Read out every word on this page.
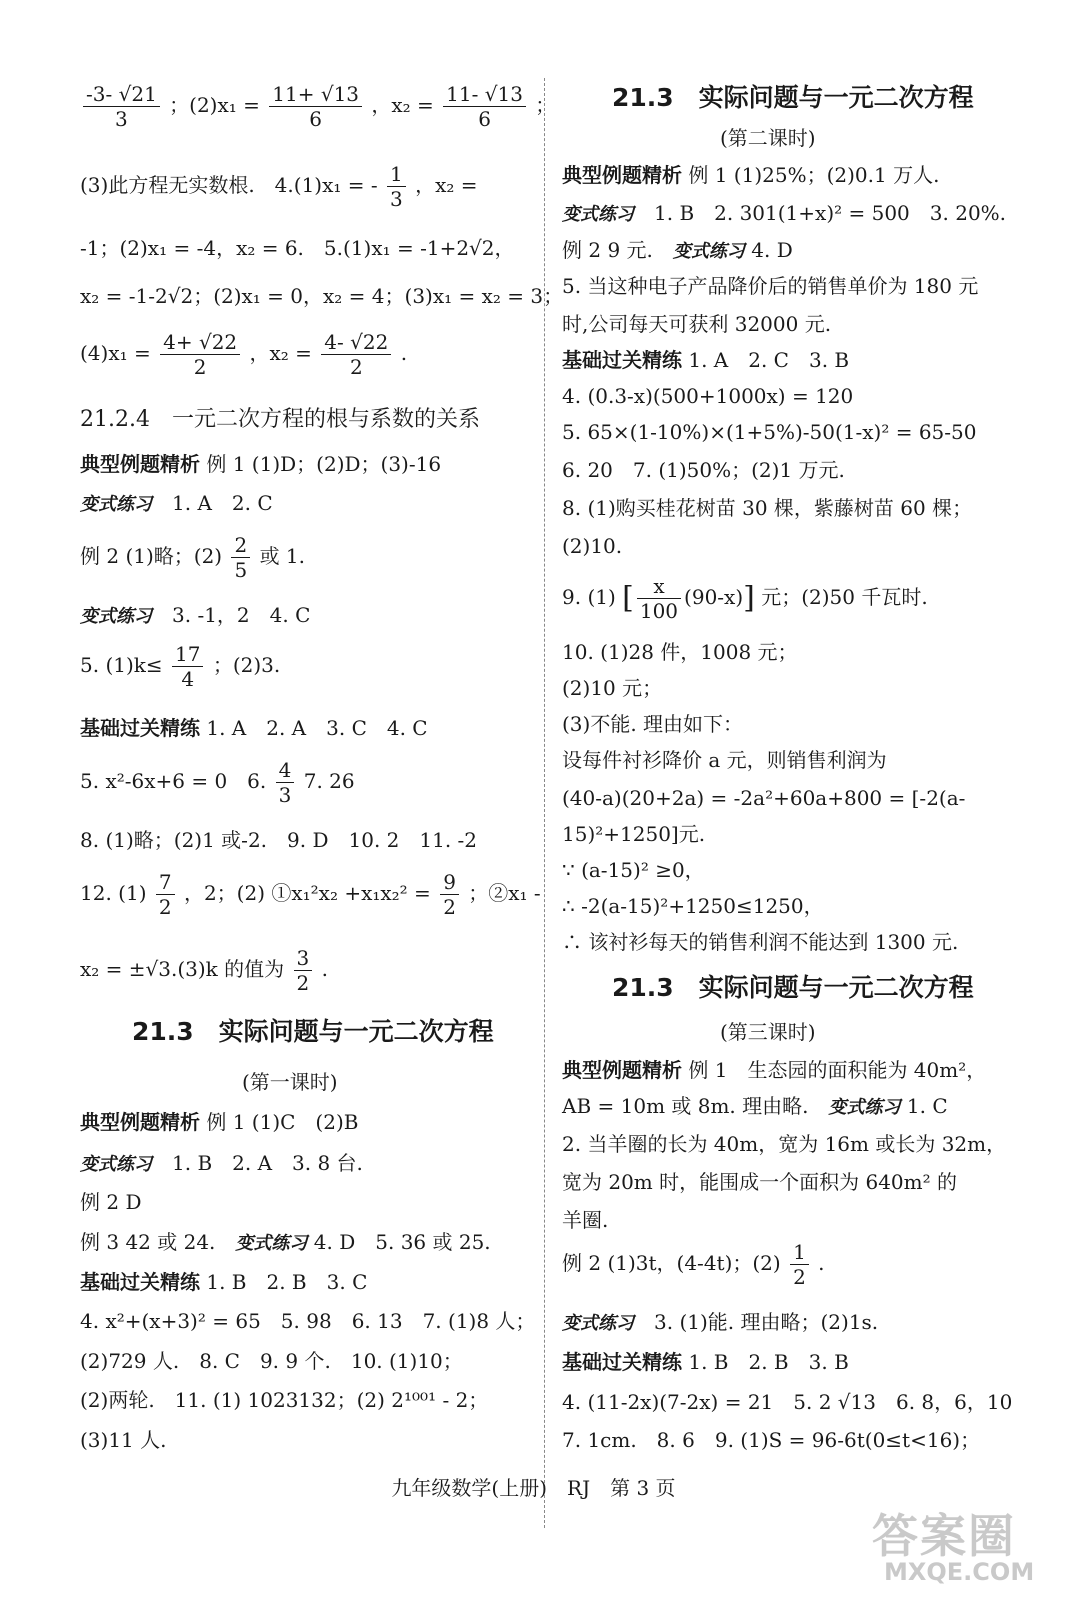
$\frac{-3- √21}{3}$ ；$(2)x_1 = \frac{11+ √13}{6}$ ，$x_2 = \frac{11- √13}{6}$ ；
(3)此方程无实数根.　4.(1)x₁ = - $\frac{1}{3}$ ，x₂ =
-1；(2)x₁ = -4，x₂ = 6.　5.(1)x₁ = -1+2√2，
x₂ = -1-2√2；(2)x₁ = 0，x₂ = 4；(3)x₁ = x₂ = 3；
$(4)x_1 = \frac{4+ √22}{2}$ ，$x_2 = \frac{4- √22}{2}$ .
21.2.4　一元二次方程的根与系数的关系
典型例题精析 例 1 (1)D；(2)D；(3)-16
变式练习　 1. A　2. C
例 2 (1)略；$(2) \frac{2}{5}$ 或 1.
变式练习　 3. -1，2　4. C
5. $(1)k\le \frac{17}{4}$ ；(2)3.
基础过关精练 1. A　2. A　3. C　4. C
5. x²-6x+6 = 0　6. $\frac{4}{3} 7$. 26
8. (1)略；(2)1 或-2.　9. D　10. 2　11. -2
12. $(1) \frac{7}{2}$ ，2；(2) ①x₁²x₂ $+x_1x_2^2 = \frac{9}{2}$ ；②x₁ -
x₂ = ±√3.(3)k 的值为 $\frac{3}{2}$ .
21.3　实际问题与一元二次方程
(第一课时)
典型例题精析 例 1 (1)C　(2)B
变式练习　 1. B　2. A　3. 8 台.
例 2 D
例 3 42 或 24.　 变式练习 4. D　5. 36 或 25.
基础过关精练 1. B　2. B　3. C
4. x²+(x+3)² = 65　5. 98　6. 13　7. (1)8 人；
(2)729 人.　8. C　9. 9 个.　10. (1)10；
(2)两轮.　11. (1) 1023132；(2) 2¹⁰⁰¹ - 2；
(3)11 人.
21.3　实际问题与一元二次方程
(第二课时)
典型例题精析 例 1 (1)25%；(2)0.1 万人.
变式练习　 1. B　2. 301(1+x)² = 500　3. 20%.
例 2 9 元.　 变式练习 4. D
5. 当这种电子产品降价后的销售单价为 180 元
时,公司每天可获利 32000 元.
基础过关精练 1. A　2. C　3. B
4. (0.3-x)(500+1000x) = 120
5. 65×(1-10%)×(1+5%)-50(1-x)² = 65-50
6. 20　7. (1)50%；(2)1 万元.
8. (1)购买桂花树苗 30 棵，紫藤树苗 60 棵；
(2)10.
9. (1) [ $\frac{x}{100} (90-x)$] 元；(2)50 千瓦时.
10. (1)28 件，1008 元；
(2)10 元；
(3)不能. 理由如下：
设每件衬衫降价 a 元，则销售利润为
(40-a)(20+2a) = -2a²+60a+800 = [-2(a-
15)²+1250]元.
∵ (a-15)² ≥0，
∴ -2(a-15)²+1250≤1250，
∴ 该衬衫每天的销售利润不能达到 1300 元.
21.3　实际问题与一元二次方程
(第三课时)
典型例题精析 例 1　生态园的面积能为 40m²，
AB = 10m 或 8m. 理由略.　 变式练习 1. C
2. 当羊圈的长为 40m，宽为 16m 或长为 32m，
宽为 20m 时，能围成一个面积为 640m² 的
羊圈.
例 2 (1)3t，(4-4t)；$(2) \frac{1}{2}$ .
变式练习　 3. (1)能. 理由略；(2)1s.
基础过关精练 1. B　2. B　3. B
4. (11-2x)(7-2x) = 21　5. 2 √13　6. 8，6，10
7. 1cm.　8. 6　9. (1)S = 96-6t(0≤t<16)；
九年级数学(上册)　RJ　第 3 页
答案圈
MXQE.COM
